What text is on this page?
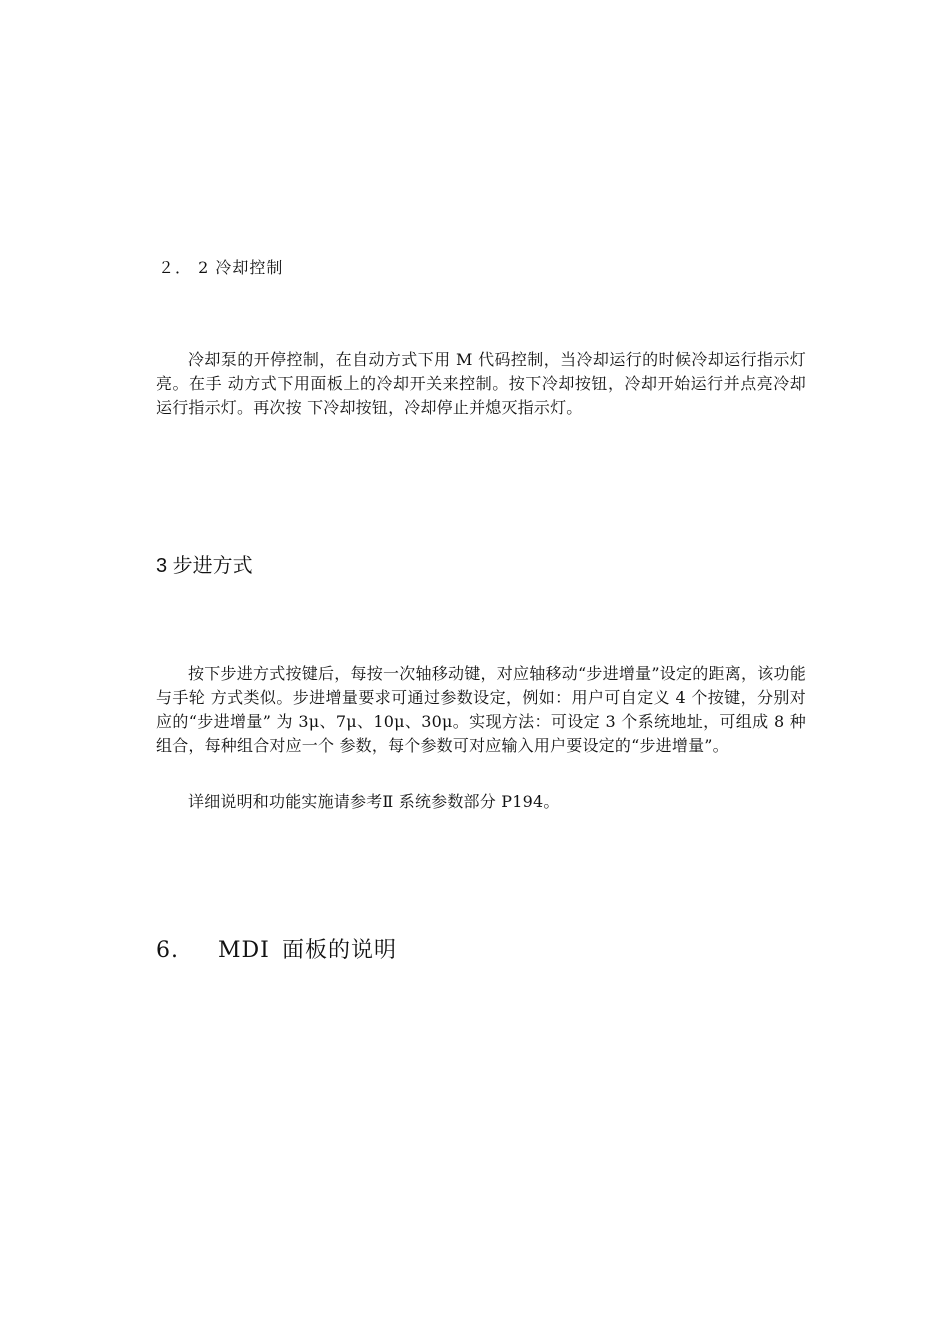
２． 2 冷却控制

冷却泵的开停控制，在自动方式下用 M 代码控制，当冷却运行的时候冷却运行指示灯亮。在手 动方式下用面板上的冷却开关来控制。按下冷却按钮，冷却开始运行并点亮冷却运行指示灯。再次按 下冷却按钮，冷却停止并熄灭指示灯。

3 步进方式

按下步进方式按键后，每按一次轴移动键，对应轴移动“步进增量”设定的距离，该功能与手轮 方式类似。步进增量要求可通过参数设定，例如：用户可自定义 4 个按键，分别对应的“步进增量” 为 3μ、7μ、10μ、30μ。实现方法：可设定 3 个系统地址，可组成 8 种组合，每种组合对应一个 参数，每个参数可对应输入用户要设定的“步进增量”。

详细说明和功能实施请参考Ⅱ 系统参数部分 P194。

6. MDI 面板的说明
